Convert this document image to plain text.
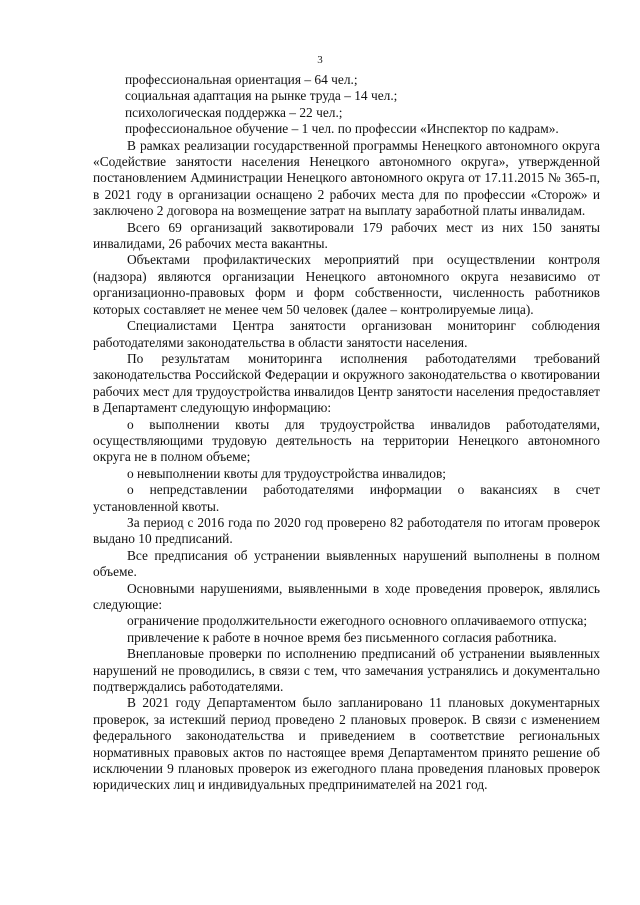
3

профессиональная ориентация – 64 чел.;

социальная адаптация на рынке труда – 14 чел.;

психологическая поддержка – 22 чел.;

профессиональное обучение – 1 чел. по профессии «Инспектор по кадрам».

В рамках реализации государственной программы Ненецкого автономного округа «Содействие занятости населения Ненецкого автономного округа», утвержденной постановлением Администрации Ненецкого автономного округа от 17.11.2015 № 365-п, в 2021 году в организации оснащено 2 рабочих места для по профессии «Сторож» и заключено 2 договора на возмещение затрат на выплату заработной платы инвалидам.

Всего 69 организаций заквотировали 179 рабочих мест из них 150 заняты инвалидами, 26 рабочих места вакантны.

Объектами профилактических мероприятий при осуществлении контроля (надзора) являются организации Ненецкого автономного округа независимо от организационно-правовых форм и форм собственности, численность работников которых составляет не менее чем 50 человек (далее – контролируемые лица).

Специалистами Центра занятости организован мониторинг соблюдения работодателями законодательства в области занятости населения.

По результатам мониторинга исполнения работодателями требований законодательства Российской Федерации и окружного законодательства о квотировании рабочих мест для трудоустройства инвалидов Центр занятости населения предоставляет в Департамент следующую информацию:

о выполнении квоты для трудоустройства инвалидов работодателями, осуществляющими трудовую деятельность на территории Ненецкого автономного округа не в полном объеме;

о невыполнении квоты для трудоустройства инвалидов;

о непредставлении работодателями информации о вакансиях в счет установленной квоты.

За период с 2016 года по 2020 год проверено 82 работодателя по итогам проверок выдано 10 предписаний.

Все предписания об устранении выявленных нарушений выполнены в полном объеме.

Основными нарушениями, выявленными в ходе проведения проверок, являлись следующие:

ограничение продолжительности ежегодного основного оплачиваемого отпуска;

привлечение к работе в ночное время без письменного согласия работника.

Внеплановые проверки по исполнению предписаний об устранении выявленных нарушений не проводились, в связи с тем, что замечания устранялись и документально подтверждались работодателями.

В 2021 году Департаментом было запланировано 11 плановых документарных проверок, за истекший период проведено 2 плановых проверок. В связи с изменением федерального законодательства и приведением в соответствие региональных нормативных правовых актов по настоящее время Департаментом принято решение об исключении 9 плановых проверок из ежегодного плана проведения плановых проверок юридических лиц и индивидуальных предпринимателей на 2021 год.
